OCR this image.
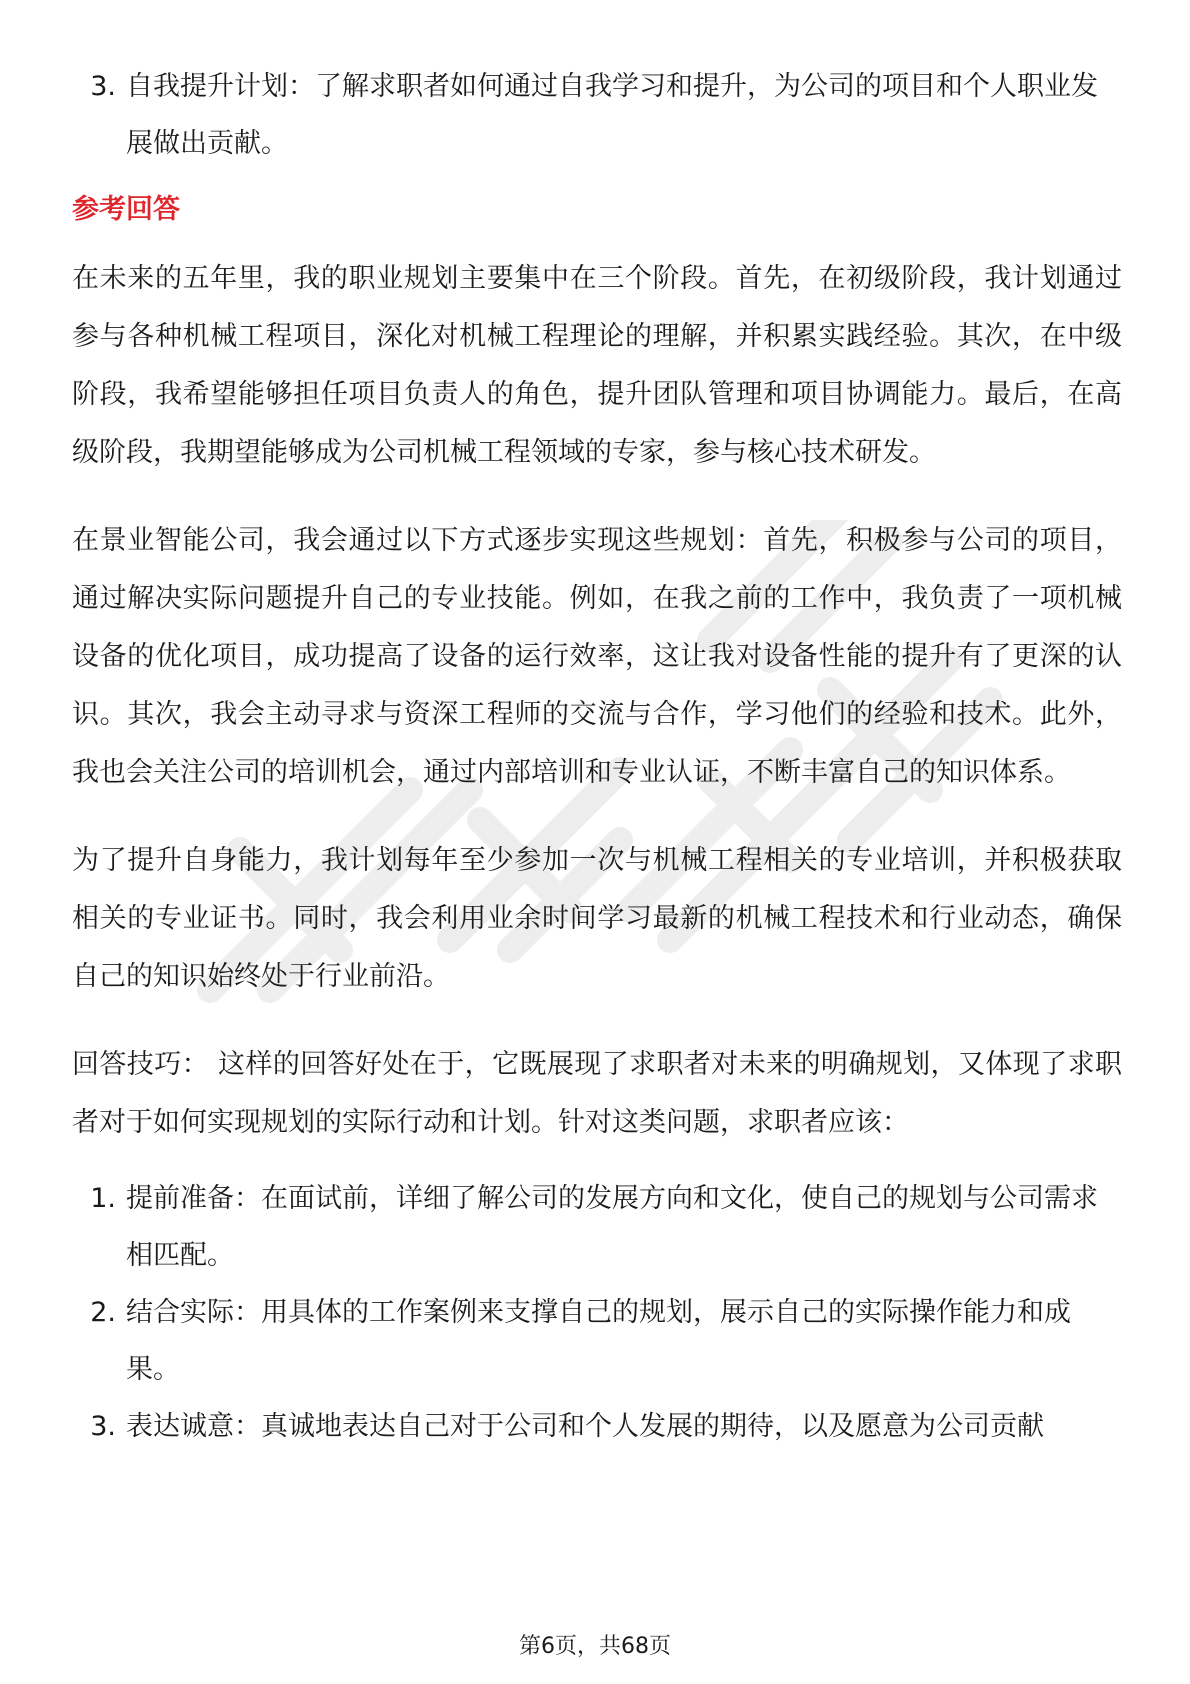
3. 自我提升计划：了解求职者如何通过自我学习和提升，为公司的项目和个人职业发展做出贡献。
参考回答

在未来的五年里，我的职业规划主要集中在三个阶段。首先，在初级阶段，我计划通过参与各种机械工程项目，深化对机械工程理论的理解，并积累实践经验。其次，在中级阶段，我希望能够担任项目负责人的角色，提升团队管理和项目协调能力。最后，在高级阶段，我期望能够成为公司机械工程领域的专家，参与核心技术研发。

在景业智能公司，我会通过以下方式逐步实现这些规划：首先，积极参与公司的项目，通过解决实际问题提升自己的专业技能。例如，在我之前的工作中，我负责了一项机械设备的优化项目，成功提高了设备的运行效率，这让我对设备性能的提升有了更深的认识。其次，我会主动寻求与资深工程师的交流与合作，学习他们的经验和技术。此外，我也会关注公司的培训机会，通过内部培训和专业认证，不断丰富自己的知识体系。

为了提升自身能力，我计划每年至少参加一次与机械工程相关的专业培训，并积极获取相关的专业证书。同时，我会利用业余时间学习最新的机械工程技术和行业动态，确保自己的知识始终处于行业前沿。

回答技巧： 这样的回答好处在于，它既展现了求职者对未来的明确规划，又体现了求职者对于如何实现规划的实际行动和计划。针对这类问题，求职者应该：

1. 提前准备：在面试前，详细了解公司的发展方向和文化，使自己的规划与公司需求相匹配。
2. 结合实际：用具体的工作案例来支撑自己的规划，展示自己的实际操作能力和成果。
3. 表达诚意：真诚地表达自己对于公司和个人发展的期待，以及愿意为公司贡献
第6页，共68页
